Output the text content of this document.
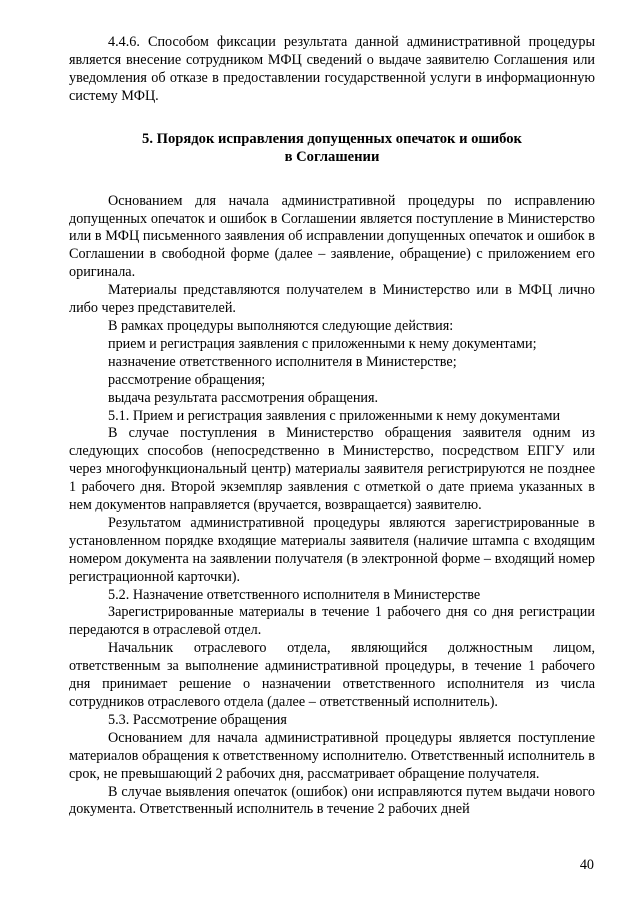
4.4.6. Способом фиксации результата данной административной процедуры является внесение сотрудником МФЦ сведений о выдаче заявителю Соглашения или уведомления об отказе в предоставлении государственной услуги в информационную систему МФЦ.

5. Порядок исправления допущенных опечаток и ошибок
в Соглашении

Основанием для начала административной процедуры по исправлению допущенных опечаток и ошибок в Соглашении является поступление в Министерство или в МФЦ письменного заявления об исправлении допущенных опечаток и ошибок в Соглашении в свободной форме (далее – заявление, обращение) с приложением его оригинала.

Материалы представляются получателем в Министерство или в МФЦ лично либо через представителей.

В рамках процедуры выполняются следующие действия:

прием и регистрация заявления с приложенными к нему документами;

назначение ответственного исполнителя в Министерстве;

рассмотрение обращения;

выдача результата рассмотрения обращения.

5.1. Прием и регистрация заявления с приложенными к нему документами

В случае поступления в Министерство обращения заявителя одним из следующих способов (непосредственно в Министерство, посредством ЕПГУ или через многофункциональный центр) материалы заявителя регистрируются не позднее 1 рабочего дня. Второй экземпляр заявления с отметкой о дате приема указанных в нем документов направляется (вручается, возвращается) заявителю.

Результатом административной процедуры являются зарегистрированные в установленном порядке входящие материалы заявителя (наличие штампа с входящим номером документа на заявлении получателя (в электронной форме – входящий номер регистрационной карточки).

5.2. Назначение ответственного исполнителя в Министерстве

Зарегистрированные материалы в течение 1 рабочего дня со дня регистрации передаются в отраслевой отдел.

Начальник отраслевого отдела, являющийся должностным лицом, ответственным за выполнение административной процедуры, в течение 1 рабочего дня принимает решение о назначении ответственного исполнителя из числа сотрудников отраслевого отдела (далее – ответственный исполнитель).

5.3. Рассмотрение обращения

Основанием для начала административной процедуры является поступление материалов обращения к ответственному исполнителю. Ответственный исполнитель в срок, не превышающий 2 рабочих дня, рассматривает обращение получателя.

В случае выявления опечаток (ошибок) они исправляются путем выдачи нового документа. Ответственный исполнитель в течение 2 рабочих дней

40
